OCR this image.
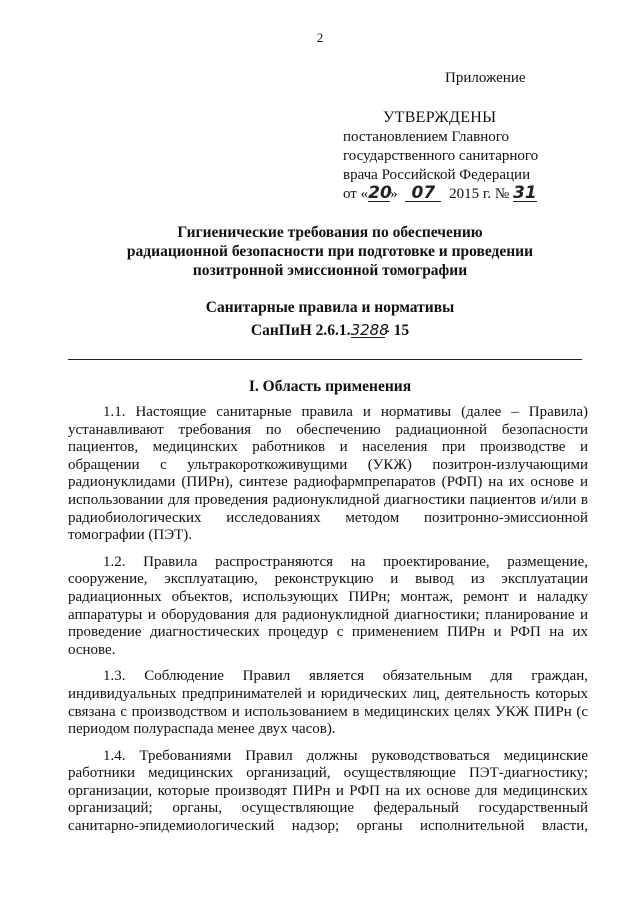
2
Приложение
УТВЕРЖДЕНЫ
постановлением Главного
государственного санитарного
врача Российской Федерации
от «20» 07 2015 г. № 31
Гигиенические требования по обеспечению
радиационной безопасности при подготовке и проведении
позитронной эмиссионной томографии
Санитарные правила и нормативы
СанПиН 2.6.1.3288- 15
I. Область применения

1.1. Настоящие санитарные правила и нормативы (далее – Правила) устанавливают требования по обеспечению радиационной безопасности пациентов, медицинских работников и населения при производстве и обращении с ультракороткоживущими (УКЖ) позитрон-излучающими радионуклидами (ПИРн), синтезе радиофармпрепаратов (РФП) на их основе и использовании для проведения радионуклидной диагностики пациентов и/или в радиобиологических исследованиях методом позитронно-эмиссионной томографии (ПЭТ).

1.2. Правила распространяются на проектирование, размещение, сооружение, эксплуатацию, реконструкцию и вывод из эксплуатации радиационных объектов, использующих ПИРн; монтаж, ремонт и наладку аппаратуры и оборудования для радионуклидной диагностики; планирование и проведение диагностических процедур с применением ПИРн и РФП на их основе.

1.3. Соблюдение Правил является обязательным для граждан, индивидуальных предпринимателей и юридических лиц, деятельность которых связана с производством и использованием в медицинских целях УКЖ ПИРн (с периодом полураспада менее двух часов).

1.4. Требованиями Правил должны руководствоваться медицинские работники медицинских организаций, осуществляющие ПЭТ-диагностику; организации, которые производят ПИРн и РФП на их основе для медицинских организаций; органы, осуществляющие федеральный государственный санитарно-эпидемиологический надзор; органы исполнительной власти,
